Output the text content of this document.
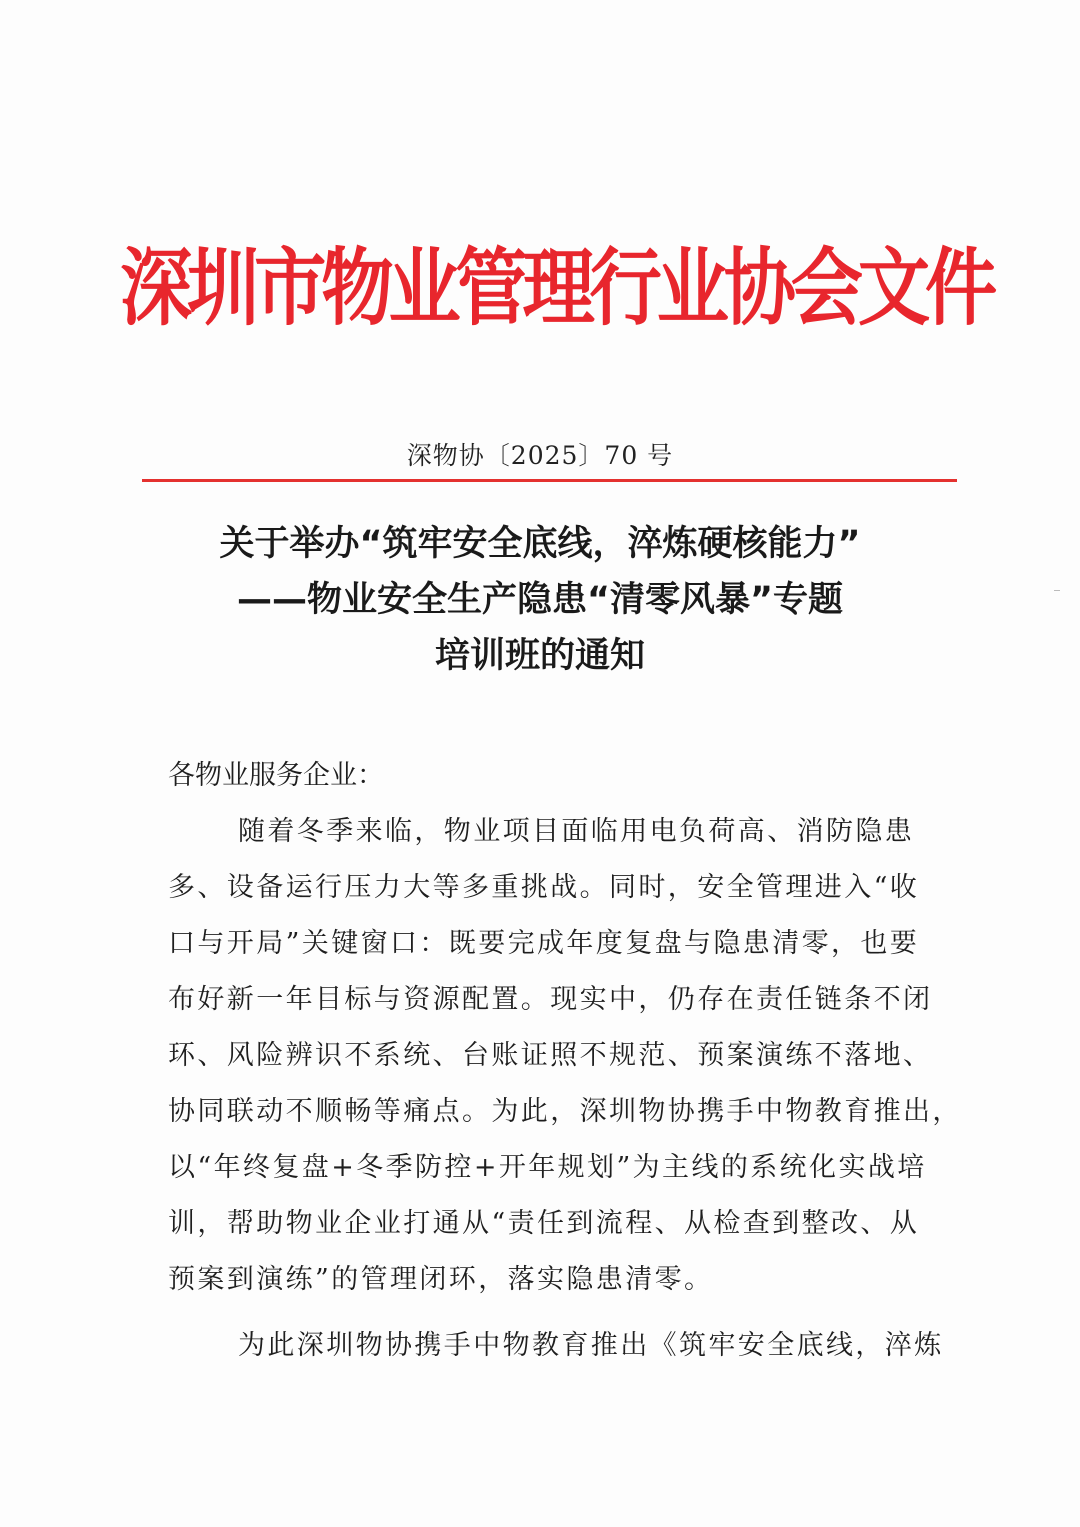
深圳市物业管理行业协会文件
深物协〔2025〕70 号
关于举办“筑牢安全底线，淬炼硬核能力”
——物业安全生产隐患“清零风暴”专题
培训班的通知
各物业服务企业：
随着冬季来临，物业项目面临用电负荷高、消防隐患
多、设备运行压力大等多重挑战。同时，安全管理进入“收
口与开局”关键窗口：既要完成年度复盘与隐患清零，也要
布好新一年目标与资源配置。现实中，仍存在责任链条不闭
环、风险辨识不系统、台账证照不规范、预案演练不落地、
协同联动不顺畅等痛点。为此，深圳物协携手中物教育推出，
以“年终复盘+冬季防控+开年规划”为主线的系统化实战培
训，帮助物业企业打通从“责任到流程、从检查到整改、从
预案到演练”的管理闭环，落实隐患清零。
为此深圳物协携手中物教育推出《筑牢安全底线，淬炼
